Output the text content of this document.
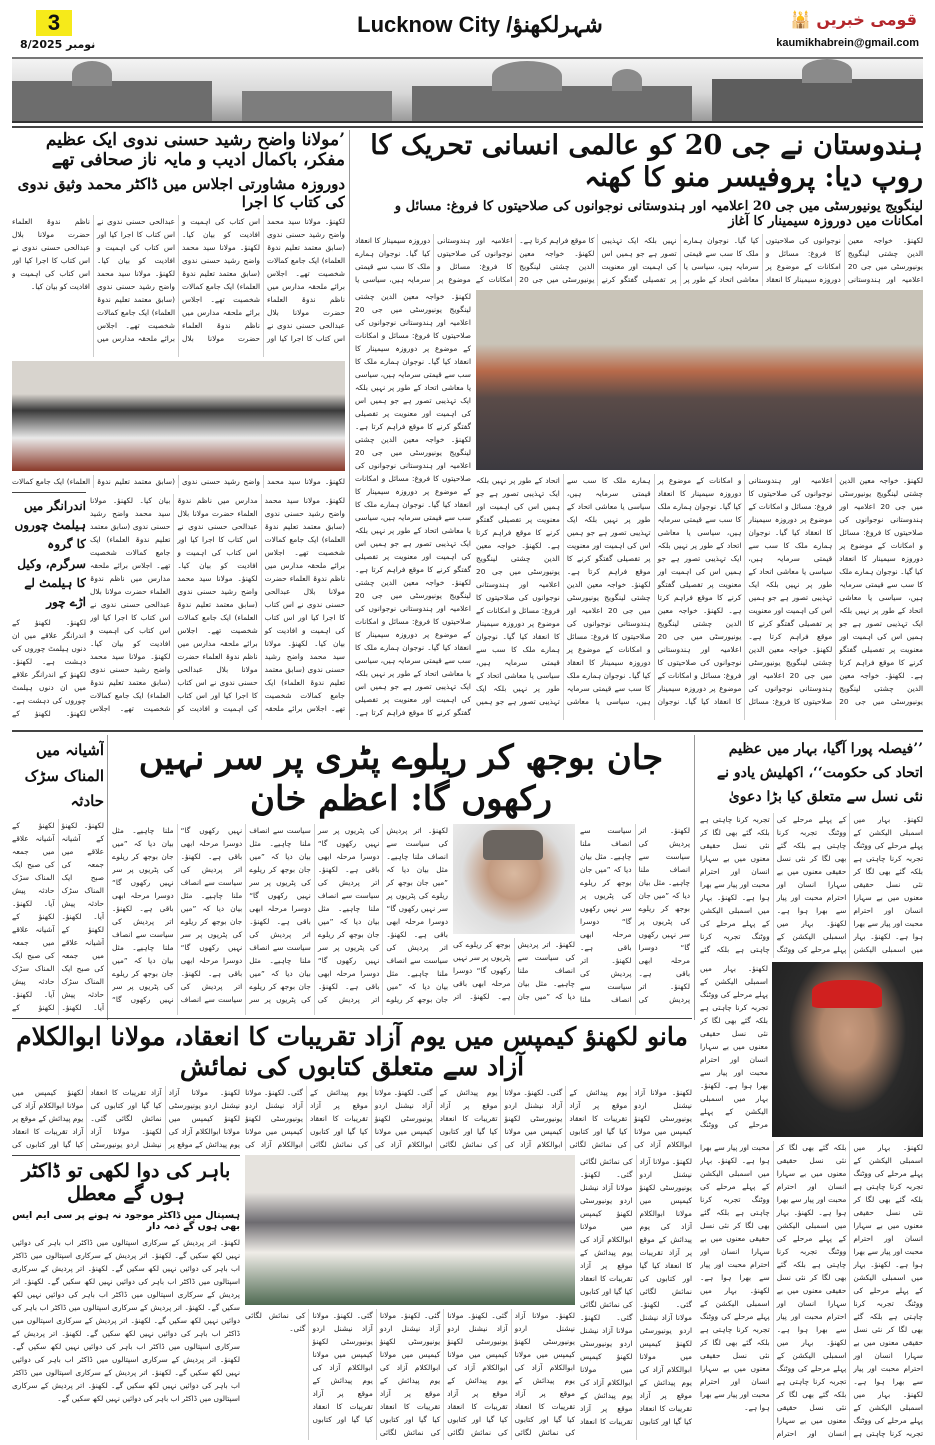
3
8/نومبر 2025
Lucknow City /شہرلکھنؤ	قومی خبریں 🕌
kaumikhabrein@gmail.com
ہندوستان نے جی 20 کو عالمی انسانی تحریک کا روپ دیا: پروفیسر منو کا کھنہ
لینگویج یونیورسٹی میں جی 20 اعلامیہ اور ہندوستانی نوجوانوں کی صلاحیتوں کا فروغ: مسائل و امکانات میں دوروزہ سیمینار کا آغاز
لکھنؤ۔ خواجہ معین الدین چشتی لینگویج یونیورسٹی میں جی 20 اعلامیہ اور ہندوستانی نوجوانوں کی صلاحیتوں کا فروغ: مسائل و امکانات کے موضوع پر دوروزہ سیمینار کا انعقاد کیا گیا۔ نوجوان ہمارے ملک کا سب سے قیمتی سرمایہ ہیں، سیاسی یا معاشی اتحاد کے طور پر نہیں بلکہ ایک تہذیبی تصور ہے جو ہمیں اس کی اہمیت اور معنویت پر تفصیلی گفتگو کرنے کا موقع فراہم کرتا ہے۔ لکھنؤ۔ خواجہ معین الدین چشتی لینگویج یونیورسٹی میں جی 20 اعلامیہ اور ہندوستانی نوجوانوں کی صلاحیتوں کا فروغ: مسائل و امکانات کے موضوع پر دوروزہ سیمینار کا انعقاد کیا گیا۔ نوجوان ہمارے ملک کا سب سے قیمتی سرمایہ ہیں، سیاسی یا
لکھنؤ۔ خواجہ معین الدین چشتی لینگویج یونیورسٹی میں جی 20 اعلامیہ اور ہندوستانی نوجوانوں کی صلاحیتوں کا فروغ: مسائل و امکانات کے موضوع پر دوروزہ سیمینار کا انعقاد کیا گیا۔ نوجوان ہمارے ملک کا سب سے قیمتی سرمایہ ہیں، سیاسی یا معاشی اتحاد کے طور پر نہیں بلکہ ایک تہذیبی تصور ہے جو ہمیں اس کی اہمیت اور معنویت پر تفصیلی گفتگو کرنے کا موقع فراہم کرتا ہے۔ لکھنؤ۔ خواجہ معین الدین چشتی لینگویج یونیورسٹی میں جی 20 اعلامیہ اور ہندوستانی نوجوانوں کی صلاحیتوں کا فروغ: مسائل و امکانات کے موضوع پر دوروزہ سیمینار کا انعقاد کیا گیا۔ نوجوان ہمارے ملک کا سب سے قیمتی سرمایہ ہیں، سیاسی یا معاشی اتحاد کے طور پر نہیں بلکہ ایک تہذیبی تصور ہے جو ہمیں اس کی اہمیت اور معنویت پر تفصیلی گفتگو کرنے کا موقع فراہم کرتا ہے۔ لکھنؤ۔ خواجہ معین الدین چشتی لینگویج یونیورسٹی میں جی 20 اعلامیہ اور ہندوستانی نوجوانوں کی صلاحیتوں کا فروغ: مسائل و امکانات کے موضوع پر دوروزہ سیمینار کا انعقاد کیا گیا۔ نوجوان ہمارے ملک کا سب سے قیمتی سرمایہ ہیں، سیاسی یا معاشی اتحاد کے طور پر نہیں بلکہ ایک تہذیبی تصور ہے جو ہمیں اس کی اہمیت اور معنویت پر تفصیلی گفتگو کرنے کا موقع فراہم کرتا ہے۔
لکھنؤ۔ خواجہ معین الدین چشتی لینگویج یونیورسٹی میں جی 20 اعلامیہ اور ہندوستانی نوجوانوں کی صلاحیتوں کا فروغ: مسائل و امکانات کے موضوع پر دوروزہ سیمینار کا انعقاد کیا گیا۔ نوجوان ہمارے ملک کا سب سے قیمتی سرمایہ ہیں، سیاسی یا معاشی اتحاد کے طور پر نہیں بلکہ ایک تہذیبی تصور ہے جو ہمیں اس کی اہمیت اور معنویت پر تفصیلی گفتگو کرنے کا موقع فراہم کرتا ہے۔ لکھنؤ۔ خواجہ معین الدین چشتی لینگویج یونیورسٹی میں جی 20 اعلامیہ اور ہندوستانی نوجوانوں کی صلاحیتوں کا فروغ: مسائل و امکانات کے موضوع پر دوروزہ سیمینار کا انعقاد کیا گیا۔ نوجوان ہمارے ملک کا سب سے قیمتی سرمایہ ہیں، سیاسی یا معاشی اتحاد کے طور پر نہیں بلکہ ایک تہذیبی تصور ہے جو ہمیں اس کی اہمیت اور معنویت پر تفصیلی گفتگو کرنے کا موقع فراہم کرتا ہے۔ لکھنؤ۔ خواجہ معین الدین چشتی لینگویج یونیورسٹی میں جی 20 اعلامیہ اور ہندوستانی نوجوانوں کی صلاحیتوں کا فروغ: مسائل و امکانات کے موضوع پر دوروزہ سیمینار کا انعقاد کیا گیا۔ نوجوان ہمارے ملک کا سب سے قیمتی سرمایہ ہیں، سیاسی یا معاشی اتحاد کے طور پر نہیں بلکہ ایک تہذیبی تصور ہے جو ہمیں اس کی اہمیت اور معنویت پر تفصیلی گفتگو کرنے کا موقع فراہم کرتا ہے۔ لکھنؤ۔ خواجہ معین الدین چشتی لینگویج یونیورسٹی میں جی 20 اعلامیہ اور ہندوستانی نوجوانوں کی صلاحیتوں کا فروغ: مسائل و امکانات کے موضوع پر دوروزہ سیمینار کا انعقاد کیا گیا۔ نوجوان ہمارے ملک کا سب سے قیمتی سرمایہ ہیں، سیاسی یا معاشی اتحاد کے طور پر نہیں بلکہ ایک تہذیبی تصور ہے جو ہمیں اس کی اہمیت اور معنویت پر تفصیلی گفتگو کرنے کا موقع فراہم کرتا ہے۔ لکھنؤ۔ خواجہ معین الدین چشتی لینگویج یونیورسٹی میں جی 20 اعلامیہ اور ہندوستانی نوجوانوں کی صلاحیتوں کا فروغ: مسائل و امکانات کے موضوع پر دوروزہ سیمینار کا انعقاد کیا گیا۔ نوجوان ہمارے ملک کا سب سے قیمتی سرمایہ ہیں، سیاسی یا معاشی اتحاد کے طور پر نہیں بلکہ ایک تہذیبی تصور ہے جو ہمیں اس کی اہمیت اور معنویت پر تفصیلی گفتگو کرنے کا موقع فراہم کرتا ہے۔ لکھنؤ۔ خواجہ معین الدین چشتی لینگویج یونیورسٹی میں جی 20 اعلامیہ اور ہندوستانی نوجوانوں کی صلاحیتوں کا فروغ: مسائل و امکانات کے موضوع پر دوروزہ سیمینار کا انعقاد کیا گیا۔ نوجوان ہمارے ملک کا سب سے قیمتی سرمایہ ہیں، سیاسی یا معاشی اتحاد کے طور پر نہیں بلکہ ایک تہذیبی تصور ہے جو ہمیں
’مولانا واضح رشید حسنی ندوی ایک عظیم مفکر، باکمال ادیب و مایہ ناز صحافی تھے
دوروزہ مشاورتی اجلاس میں ڈاکٹر محمد وثیق ندوی کی کتاب کا اجرا
لکھنؤ۔ مولانا سید محمد واضح رشید حسنی ندوی (سابق معتمد تعلیم ندوۃ العلماء) ایک جامع کمالات شخصیت تھے۔ اجلاس برائے ملحقہ مدارس میں ناظم ندوۃ العلماء حضرت مولانا بلال عبدالحی حسنی ندوی نے اس کتاب کا اجرا کیا اور اس کتاب کی اہمیت و افادیت کو بیان کیا۔ لکھنؤ۔ مولانا سید محمد واضح رشید حسنی ندوی (سابق معتمد تعلیم ندوۃ العلماء) ایک جامع کمالات شخصیت تھے۔ اجلاس برائے ملحقہ مدارس میں ناظم ندوۃ العلماء حضرت مولانا بلال عبدالحی حسنی ندوی نے اس کتاب کا اجرا کیا اور اس کتاب کی اہمیت و افادیت کو بیان کیا۔ لکھنؤ۔ مولانا سید محمد واضح رشید حسنی ندوی (سابق معتمد تعلیم ندوۃ العلماء) ایک جامع کمالات شخصیت تھے۔ اجلاس برائے ملحقہ مدارس میں ناظم ندوۃ العلماء حضرت مولانا بلال عبدالحی حسنی ندوی نے اس کتاب کا اجرا کیا اور اس کتاب کی اہمیت و افادیت کو بیان کیا۔
لکھنؤ۔ مولانا سید محمد واضح رشید حسنی ندوی (سابق معتمد تعلیم ندوۃ العلماء) ایک جامع کمالات
لکھنؤ۔ مولانا سید محمد واضح رشید حسنی ندوی (سابق معتمد تعلیم ندوۃ العلماء) ایک جامع کمالات شخصیت تھے۔ اجلاس برائے ملحقہ مدارس میں ناظم ندوۃ العلماء حضرت مولانا بلال عبدالحی حسنی ندوی نے اس کتاب کا اجرا کیا اور اس کتاب کی اہمیت و افادیت کو بیان کیا۔ لکھنؤ۔ مولانا سید محمد واضح رشید حسنی ندوی (سابق معتمد تعلیم ندوۃ العلماء) ایک جامع کمالات شخصیت تھے۔ اجلاس برائے ملحقہ مدارس میں ناظم ندوۃ العلماء حضرت مولانا بلال عبدالحی حسنی ندوی نے اس کتاب کا اجرا کیا اور اس کتاب کی اہمیت و افادیت کو بیان کیا۔ لکھنؤ۔ مولانا سید محمد واضح رشید حسنی ندوی (سابق معتمد تعلیم ندوۃ العلماء) ایک جامع کمالات شخصیت تھے۔ اجلاس برائے ملحقہ مدارس میں ناظم ندوۃ العلماء حضرت مولانا بلال عبدالحی حسنی ندوی نے اس کتاب کا اجرا کیا اور اس کتاب کی اہمیت و افادیت کو بیان کیا۔ لکھنؤ۔ مولانا سید محمد واضح رشید حسنی ندوی (سابق معتمد تعلیم ندوۃ العلماء) ایک جامع کمالات شخصیت تھے۔ اجلاس برائے ملحقہ مدارس میں ناظم ندوۃ العلماء حضرت مولانا بلال عبدالحی حسنی ندوی نے اس کتاب کا اجرا کیا اور اس کتاب کی اہمیت و افادیت کو بیان کیا۔ لکھنؤ۔ مولانا سید محمد واضح رشید حسنی ندوی (سابق معتمد تعلیم ندوۃ العلماء) ایک جامع کمالات شخصیت تھے۔ اجلاس
اندرانگر میں ہیلمٹ چوروں کا گروہ سرگرم، وکیل کا ہیلمٹ لے اڑے چور
لکھنؤ۔ لکھنؤ کے اندرانگر علاقے میں ان دنوں ہیلمٹ چوروں کی دہشت ہے۔ لکھنؤ۔ لکھنؤ کے اندرانگر علاقے میں ان دنوں ہیلمٹ چوروں کی دہشت ہے۔ لکھنؤ۔ لکھنؤ کے
’’فیصلہ پورا آگیا، بہار میں عظیم اتحاد کی حکومت‘‘، اکھلیش یادو نے نئی نسل سے متعلق کیا بڑا دعویٰ
لکھنؤ۔ بہار میں اسمبلی الیکشن کے پہلے مرحلے کی ووٹنگ تجربہ کرنا چاہتی ہے بلکہ گئے بھی لگا کر نئی نسل حقیقی معنوں میں بے سہارا انسان اور احترام محبت اور پیار سے بھرا ہوا ہے۔ لکھنؤ۔ بہار میں اسمبلی الیکشن کے پہلے مرحلے کی ووٹنگ تجربہ کرنا چاہتی ہے بلکہ گئے بھی لگا کر نئی نسل حقیقی معنوں میں بے سہارا انسان اور احترام محبت اور پیار سے بھرا ہوا ہے۔ لکھنؤ۔ بہار میں اسمبلی الیکشن کے پہلے مرحلے کی ووٹنگ تجربہ کرنا چاہتی ہے بلکہ گئے بھی لگا کر نئی نسل حقیقی معنوں میں بے سہارا انسان اور احترام محبت اور پیار سے بھرا ہوا ہے۔ لکھنؤ۔ بہار میں اسمبلی الیکشن کے پہلے مرحلے کی ووٹنگ تجربہ کرنا چاہتی ہے بلکہ گئے
لکھنؤ۔ بہار میں اسمبلی الیکشن کے پہلے مرحلے کی ووٹنگ تجربہ کرنا چاہتی ہے بلکہ گئے بھی لگا کر نئی نسل حقیقی معنوں میں بے سہارا انسان اور احترام محبت اور پیار سے بھرا ہوا ہے۔ لکھنؤ۔ بہار میں اسمبلی الیکشن کے پہلے مرحلے کی ووٹنگ
لکھنؤ۔ بہار میں اسمبلی الیکشن کے پہلے مرحلے کی ووٹنگ تجربہ کرنا چاہتی ہے بلکہ گئے بھی لگا کر نئی نسل حقیقی معنوں میں بے سہارا انسان اور احترام محبت اور پیار سے بھرا ہوا ہے۔ لکھنؤ۔ بہار میں اسمبلی الیکشن کے پہلے مرحلے کی ووٹنگ تجربہ کرنا چاہتی ہے بلکہ گئے بھی لگا کر نئی نسل حقیقی معنوں میں بے سہارا انسان اور احترام محبت اور پیار سے بھرا ہوا ہے۔ لکھنؤ۔ بہار میں اسمبلی الیکشن کے پہلے مرحلے کی ووٹنگ تجربہ کرنا چاہتی ہے بلکہ گئے بھی لگا کر نئی نسل حقیقی معنوں میں بے سہارا انسان اور احترام محبت اور پیار سے بھرا ہوا ہے۔ لکھنؤ۔ بہار میں اسمبلی الیکشن کے پہلے مرحلے کی ووٹنگ تجربہ کرنا چاہتی ہے بلکہ گئے بھی لگا کر نئی نسل حقیقی معنوں میں بے سہارا انسان اور احترام محبت اور پیار سے بھرا ہوا ہے۔ لکھنؤ۔ بہار میں اسمبلی الیکشن کے پہلے مرحلے کی ووٹنگ تجربہ کرنا چاہتی ہے بلکہ گئے بھی لگا کر نئی نسل حقیقی معنوں میں بے سہارا انسان اور احترام محبت اور پیار سے بھرا ہوا ہے۔ لکھنؤ۔ بہار میں اسمبلی الیکشن کے پہلے مرحلے کی ووٹنگ تجربہ کرنا چاہتی ہے بلکہ گئے بھی لگا کر نئی نسل حقیقی معنوں میں بے سہارا انسان اور احترام محبت اور پیار سے بھرا ہوا ہے۔ لکھنؤ۔ بہار میں اسمبلی الیکشن کے پہلے مرحلے کی ووٹنگ تجربہ کرنا چاہتی ہے بلکہ گئے بھی لگا کر نئی نسل حقیقی معنوں میں بے سہارا انسان اور احترام محبت اور پیار سے بھرا ہوا ہے۔
جان بوجھ کر ریلوے پٹری پر سر نہیں رکھوں گا: اعظم خان
لکھنؤ۔ اتر پردیش کی سیاست سے انصاف ملنا چاہیے۔ مثل بیان دیا کہ ”میں جان بوجھ کر ریلوے کی پٹریوں پر سر نہیں رکھوں گا“ دوسرا مرحلہ ابھی باقی ہے۔ لکھنؤ۔ اتر پردیش کی سیاست سے انصاف ملنا چاہیے۔ مثل بیان دیا کہ ”میں جان بوجھ کر ریلوے کی پٹریوں پر سر نہیں رکھوں گا“ دوسرا مرحلہ ابھی باقی ہے۔ لکھنؤ۔ اتر پردیش کی سیاست سے انصاف ملنا چاہیے۔ مثل بیان دیا کہ ”میں جان بوجھ کر ریلوے کی پٹریوں پر سر نہیں رکھوں گا“ دوسرا مرحلہ ابھی باقی ہے۔ لکھنؤ۔ اتر پردیش کی سیاست سے انصاف ملنا چاہیے۔ مثل بیان دیا کہ ”میں جان بوجھ کر ریلوے کی پٹریوں پر سر نہیں رکھوں گا“ دوسرا مرحلہ ابھی باقی ہے۔ لکھنؤ۔ اتر پردیش کی سیاست سے انصاف ملنا چاہیے۔ مثل بیان دیا کہ ”میں جان بوجھ کر ریلوے کی پٹریوں پر سر نہیں رکھوں گا“ دوسرا مرحلہ ابھی باقی ہے۔ لکھنؤ۔ اتر پردیش کی سیاست سے انصاف ملنا چاہیے۔ مثل بیان دیا کہ ”میں جان بوجھ کر ریلوے کی پٹریوں پر سر نہیں رکھوں گا“ دوسرا مرحلہ ابھی باقی ہے۔ لکھنؤ۔ اتر پردیش کی سیاست سے انصاف ملنا چاہیے۔ مثل بیان دیا کہ ”میں جان بوجھ کر ریلوے کی پٹریوں پر سر نہیں رکھوں گا“ دوسرا مرحلہ ابھی باقی ہے۔ لکھنؤ۔ اتر پردیش کی سیاست سے انصاف ملنا چاہیے۔ مثل بیان دیا کہ ”میں جان بوجھ کر ریلوے کی پٹریوں پر سر نہیں رکھوں گا“
لکھنؤ۔ اتر پردیش کی سیاست سے انصاف ملنا چاہیے۔ مثل بیان دیا کہ ”میں جان بوجھ کر ریلوے کی پٹریوں پر سر نہیں رکھوں گا“ دوسرا مرحلہ ابھی باقی ہے۔ لکھنؤ۔ اتر
لکھنؤ۔ اتر پردیش کی سیاست سے انصاف ملنا چاہیے۔ مثل بیان دیا کہ ”میں جان بوجھ کر ریلوے کی پٹریوں پر سر نہیں رکھوں گا“ دوسرا مرحلہ ابھی باقی ہے۔ لکھنؤ۔ اتر پردیش کی سیاست سے انصاف ملنا چاہیے۔ مثل بیان دیا کہ ”میں جان بوجھ کر ریلوے کی پٹریوں پر سر نہیں رکھوں گا“ دوسرا مرحلہ ابھی باقی ہے۔ لکھنؤ۔ اتر پردیش کی سیاست سے انصاف ملنا
آشیانہ میں المناک سڑک حادثہ
لکھنؤ۔ لکھنؤ کے آشیانہ علاقے میں جمعہ کی صبح ایک المناک سڑک حادثہ پیش آیا۔ لکھنؤ۔ لکھنؤ کے آشیانہ علاقے میں جمعہ کی صبح ایک المناک سڑک حادثہ پیش آیا۔ لکھنؤ۔ لکھنؤ کے آشیانہ علاقے میں جمعہ کی صبح ایک المناک سڑک حادثہ پیش آیا۔ لکھنؤ۔ لکھنؤ کے آشیانہ علاقے میں جمعہ کی صبح ایک المناک سڑک حادثہ پیش آیا۔ لکھنؤ۔ لکھنؤ کے
مانو لکھنؤ کیمپس میں یوم آزاد تقریبات کا انعقاد، مولانا ابوالکلام آزاد سے متعلق کتابوں کی نمائش
لکھنؤ۔ مولانا آزاد نیشنل اردو یونیورسٹی لکھنؤ کیمپس میں مولانا ابوالکلام آزاد کی یوم پیدائش کے موقع پر آزاد تقریبات کا انعقاد کیا گیا اور کتابوں کی نمائش لگائی گئی۔ لکھنؤ۔ مولانا آزاد نیشنل اردو یونیورسٹی لکھنؤ کیمپس میں مولانا ابوالکلام آزاد کی یوم پیدائش کے موقع پر آزاد تقریبات کا انعقاد کیا گیا اور کتابوں کی
باہر کی دوا لکھی تو ڈاکٹر ہوں گے معطل
ہسپتال میں ڈاکٹر موجود نہ ہونے پر سی ایم ایس بھی ہوں گے ذمہ دار
لکھنؤ۔ اتر پردیش کے سرکاری اسپتالوں میں ڈاکٹر اب باہر کی دوائیں نہیں لکھ سکیں گے۔ لکھنؤ۔ اتر پردیش کے سرکاری اسپتالوں میں ڈاکٹر اب باہر کی دوائیں نہیں لکھ سکیں گے۔ لکھنؤ۔ اتر پردیش کے سرکاری اسپتالوں میں ڈاکٹر اب باہر کی دوائیں نہیں لکھ سکیں گے۔ لکھنؤ۔ اتر پردیش کے سرکاری اسپتالوں میں ڈاکٹر اب باہر کی دوائیں نہیں لکھ سکیں گے۔ لکھنؤ۔ اتر پردیش کے سرکاری اسپتالوں میں ڈاکٹر اب باہر کی دوائیں نہیں لکھ سکیں گے۔ لکھنؤ۔ اتر پردیش کے سرکاری اسپتالوں میں ڈاکٹر اب باہر کی دوائیں نہیں لکھ سکیں گے۔ لکھنؤ۔ اتر پردیش کے سرکاری اسپتالوں میں ڈاکٹر اب باہر کی دوائیں نہیں لکھ سکیں گے۔ لکھنؤ۔ اتر پردیش کے سرکاری اسپتالوں میں ڈاکٹر اب باہر کی دوائیں نہیں لکھ سکیں گے۔ لکھنؤ۔ اتر پردیش کے سرکاری اسپتالوں میں ڈاکٹر اب باہر کی دوائیں نہیں لکھ سکیں گے۔ لکھنؤ۔ اتر پردیش کے سرکاری اسپتالوں میں ڈاکٹر اب باہر کی دوائیں نہیں لکھ سکیں گے۔
لکھنؤ۔ مولانا آزاد نیشنل اردو یونیورسٹی لکھنؤ کیمپس میں مولانا ابوالکلام آزاد کی یوم پیدائش کے موقع پر آزاد تقریبات کا انعقاد کیا گیا اور کتابوں کی نمائش لگائی گئی۔ لکھنؤ۔ مولانا آزاد نیشنل اردو یونیورسٹی لکھنؤ کیمپس میں مولانا ابوالکلام آزاد کی یوم پیدائش کے موقع پر آزاد تقریبات کا انعقاد کیا گیا اور کتابوں کی نمائش لگائی گئی۔ لکھنؤ۔ مولانا آزاد نیشنل اردو یونیورسٹی لکھنؤ کیمپس میں مولانا ابوالکلام آزاد کی یوم پیدائش کے موقع پر آزاد تقریبات کا انعقاد کیا گیا اور کتابوں کی نمائش لگائی گئی۔ لکھنؤ۔ مولانا آزاد نیشنل اردو یونیورسٹی لکھنؤ کیمپس میں مولانا ابوالکلام آزاد کی
لکھنؤ۔ مولانا آزاد نیشنل اردو یونیورسٹی لکھنؤ کیمپس میں مولانا ابوالکلام آزاد کی یوم پیدائش کے موقع پر آزاد تقریبات کا انعقاد کیا گیا اور کتابوں کی نمائش لگائی گئی۔ لکھنؤ۔ مولانا آزاد نیشنل اردو یونیورسٹی لکھنؤ کیمپس میں مولانا ابوالکلام آزاد کی یوم پیدائش کے موقع پر آزاد تقریبات کا انعقاد کیا گیا اور کتابوں کی نمائش لگائی گئی۔ لکھنؤ۔ مولانا آزاد نیشنل اردو یونیورسٹی لکھنؤ کیمپس میں مولانا ابوالکلام آزاد کی یوم پیدائش کے موقع پر آزاد تقریبات کا انعقاد کیا گیا اور کتابوں کی نمائش لگائی گئی۔ لکھنؤ۔ مولانا آزاد نیشنل اردو یونیورسٹی لکھنؤ کیمپس میں مولانا ابوالکلام آزاد کی یوم پیدائش کے موقع پر آزاد تقریبات کا انعقاد کیا گیا اور کتابوں کی نمائش لگائی گئی۔
لکھنؤ۔ مولانا آزاد نیشنل اردو یونیورسٹی لکھنؤ کیمپس میں مولانا ابوالکلام آزاد کی یوم پیدائش کے موقع پر آزاد تقریبات کا انعقاد کیا گیا اور کتابوں کی نمائش لگائی گئی۔ لکھنؤ۔ مولانا آزاد نیشنل اردو یونیورسٹی لکھنؤ کیمپس میں مولانا ابوالکلام آزاد کی یوم پیدائش کے موقع پر آزاد تقریبات کا انعقاد کیا گیا اور کتابوں کی نمائش لگائی گئی۔ لکھنؤ۔ مولانا آزاد نیشنل اردو یونیورسٹی لکھنؤ کیمپس میں مولانا ابوالکلام آزاد کی یوم پیدائش کے موقع پر آزاد تقریبات کا انعقاد کیا گیا اور کتابوں کی نمائش لگائی گئی۔ لکھنؤ۔ مولانا آزاد نیشنل اردو یونیورسٹی لکھنؤ کیمپس میں مولانا ابوالکلام آزاد کی یوم پیدائش کے موقع پر آزاد تقریبات کا انعقاد
